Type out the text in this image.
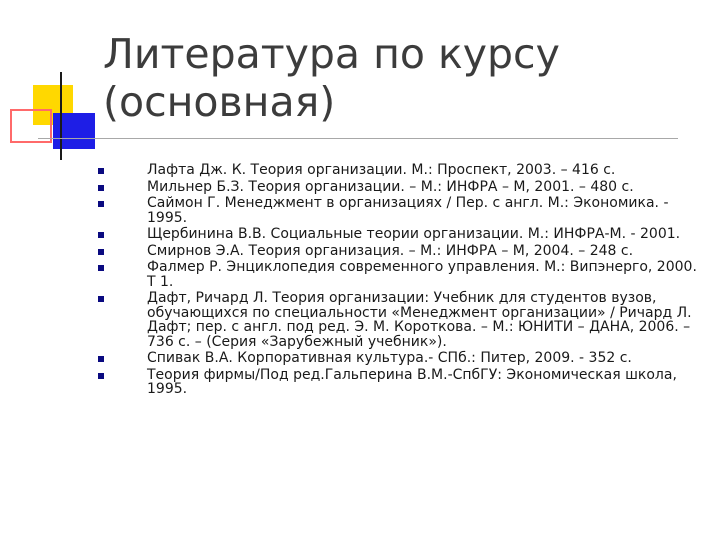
Литература по курсу (основная)
Лафта Дж. К. Теория организации. М.: Проспект, 2003. – 416 с.
Мильнер Б.З. Теория организации. – М.: ИНФРА – М, 2001. – 480 с.
Саймон Г. Менеджмент в организациях / Пер. с англ. М.: Экономика. - 1995.
Щербинина В.В. Социальные теории организации. М.: ИНФРА-М. - 2001.
Смирнов Э.А. Теория организация. – М.: ИНФРА – М, 2004. – 248 с.
Фалмер Р. Энциклопедия современного управления. М.: Випэнерго, 2000. Т 1.
Дафт, Ричард Л. Теория организации: Учебник для студентов вузов, обучающихся по специальности «Менеджмент организации» / Ричард Л. Дафт; пер. с англ. под ред. Э. М. Короткова. – М.: ЮНИТИ – ДАНА, 2006. – 736 с. – (Серия «Зарубежный учебник»).
Спивак В.А. Корпоративная культура.- СПб.: Питер, 2009. - 352 с.
Теория фирмы/Под ред.Гальперина В.М.-СпбГУ: Экономическая школа, 1995.
